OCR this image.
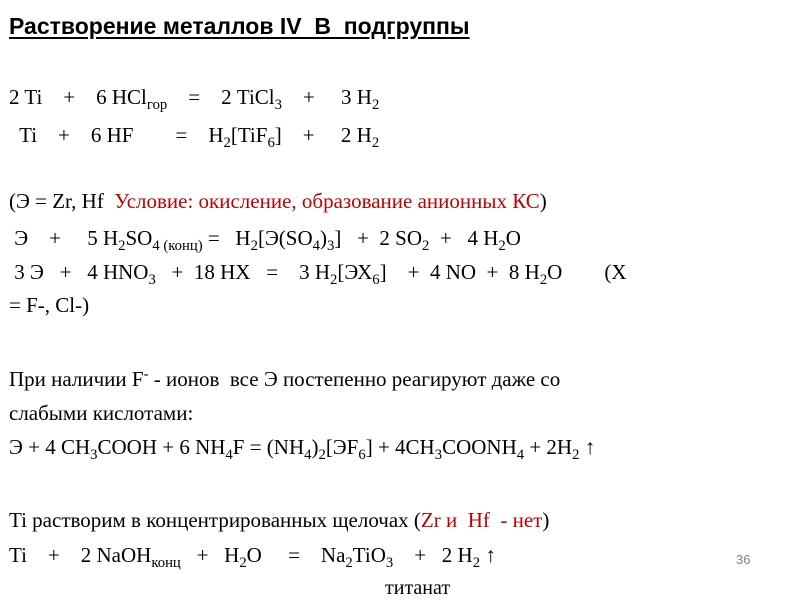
Растворение металлов IV  В  подгруппы
2 Ti    +    6 HCl$_{гор}$    =    2 TiCl$_3$    +     3 $H_2$
Ti    +    6 HF        =    $H_2[TiF_6]$    +     2 $H_2$
(Э = Zr, Hf  Условие: окисление, образование анионных КС)
Э    +     5 $H_2SO_{4 (конц)} = H_2[Э(SO_4)_3] + 2$ $SO_2 + 4$ $H_2O$
3 Э   +   4 $HNO_3 + 18$ HX   =    3 $H_2[ЭХ_6]$    +  4 NO  +  8 $H_2O$        (X
= F-, Cl-)
При наличии F- - ионов  все Э постепенно реагируют даже со
слабыми кислотами:
Э + 4 $CH_3COOH + 6$ $NH_4F = (NH_4)_2[ЭF_6]$ + $4CH_3COONH_4 + 2H_2$ ↑
Ti растворим в концентрированных щелочах (Zr и  Hf  - нет)
Ti    +    2 NaOH$_{конц}$   +   $H_2O$     =    $Na_2TiO_3$    +   2 $H_2$ ↑
титанат
36
